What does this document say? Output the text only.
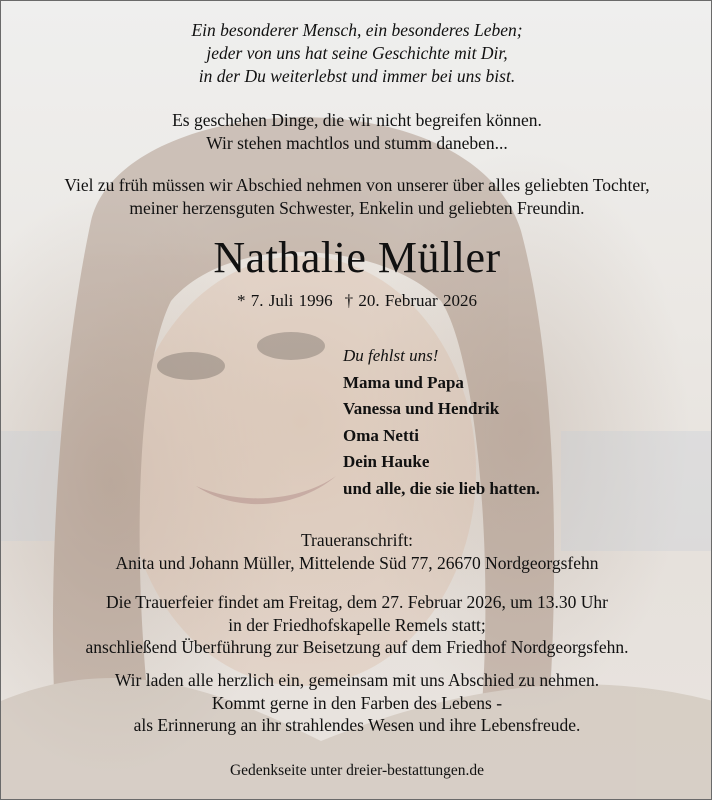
Ein besonderer Mensch, ein besonderes Leben;
jeder von uns hat seine Geschichte mit Dir,
in der Du weiterlebst und immer bei uns bist.
Es geschehen Dinge, die wir nicht begreifen können.
Wir stehen machtlos und stumm daneben...
Viel zu früh müssen wir Abschied nehmen von unserer über alles geliebten Tochter,
meiner herzensguten Schwester, Enkelin und geliebten Freundin.
Nathalie Müller
* 7. Juli 1996 † 20. Februar 2026
Du fehlst uns!
Mama und Papa
Vanessa und Hendrik
Oma Netti
Dein Hauke
und alle, die sie lieb hatten.
Traueranschrift:
Anita und Johann Müller, Mittelende Süd 77, 26670 Nordgeorgsfehn
Die Trauerfeier findet am Freitag, dem 27. Februar 2026, um 13.30 Uhr
in der Friedhofskapelle Remels statt;
anschließend Überführung zur Beisetzung auf dem Friedhof Nordgeorgsfehn.
Wir laden alle herzlich ein, gemeinsam mit uns Abschied zu nehmen.
Kommt gerne in den Farben des Lebens -
als Erinnerung an ihr strahlendes Wesen und ihre Lebensfreude.
Gedenkseite unter dreier-bestattungen.de
